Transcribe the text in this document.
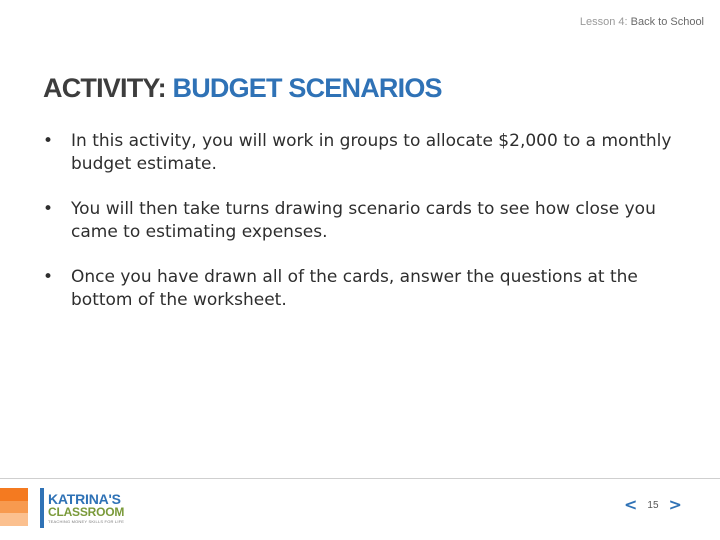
Lesson 4: Back to School
ACTIVITY: BUDGET SCENARIOS
• In this activity, you will work in groups to allocate $2,000 to a monthly budget estimate.
• You will then take turns drawing scenario cards to see how close you came to estimating expenses.
• Once you have drawn all of the cards, answer the questions at the bottom of the worksheet.
KATRINA'S
CLASSROOM
TEACHING MONEY SKILLS FOR LIFE
< 15 >
